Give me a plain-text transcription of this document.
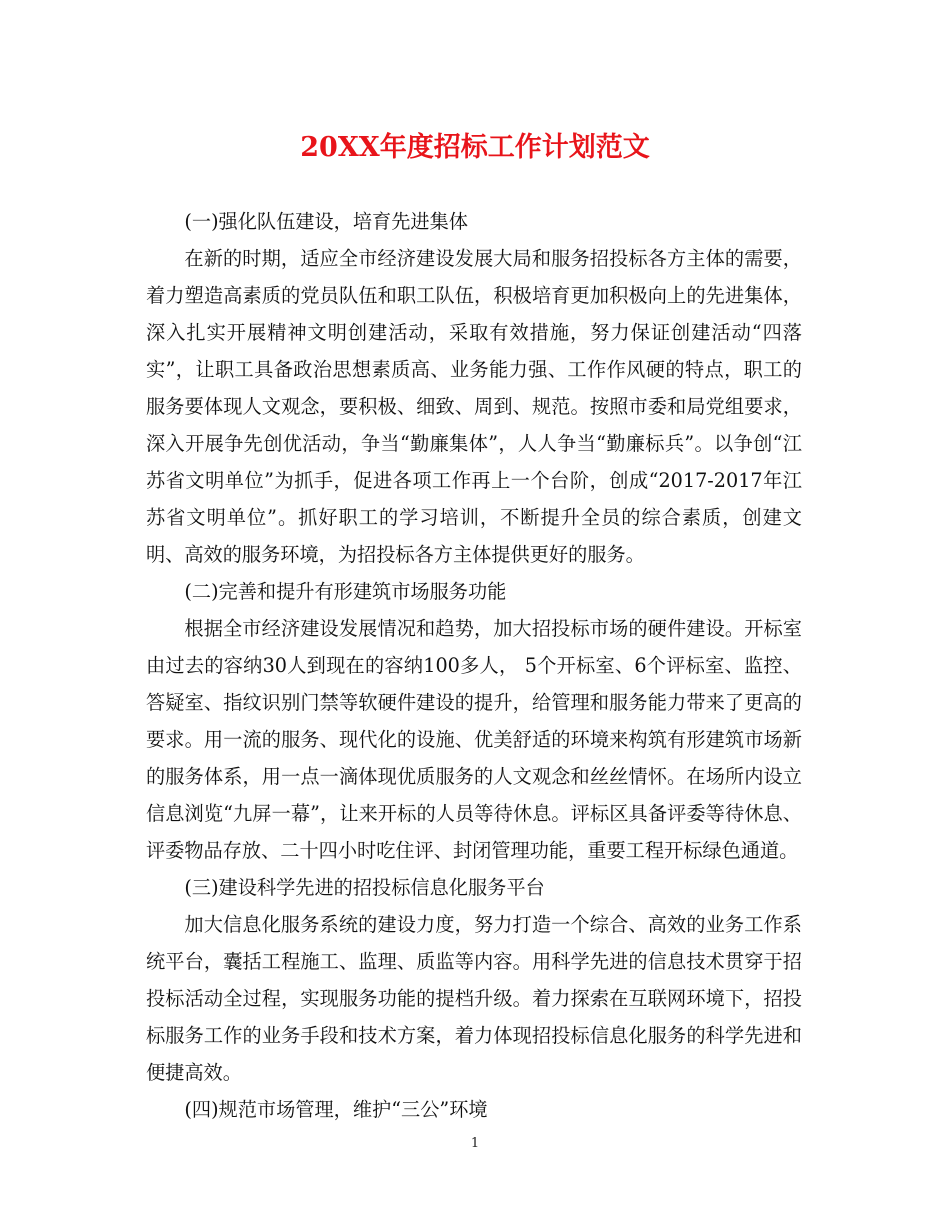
20XX年度招标工作计划范文

(一)强化队伍建设，培育先进集体

在新的时期，适应全市经济建设发展大局和服务招投标各方主体的需要，着力塑造高素质的党员队伍和职工队伍，积极培育更加积极向上的先进集体，深入扎实开展精神文明创建活动，采取有效措施，努力保证创建活动“四落实”，让职工具备政治思想素质高、业务能力强、工作作风硬的特点，职工的服务要体现人文观念，要积极、细致、周到、规范。按照市委和局党组要求，深入开展争先创优活动，争当“勤廉集体”，人人争当“勤廉标兵”。以争创“江苏省文明单位”为抓手，促进各项工作再上一个台阶，创成“2017-2017年江苏省文明单位”。抓好职工的学习培训，不断提升全员的综合素质，创建文明、高效的服务环境，为招投标各方主体提供更好的服务。

(二)完善和提升有形建筑市场服务功能

根据全市经济建设发展情况和趋势，加大招投标市场的硬件建设。开标室由过去的容纳30人到现在的容纳100多人， 5个开标室、6个评标室、监控、答疑室、指纹识别门禁等软硬件建设的提升，给管理和服务能力带来了更高的要求。用一流的服务、现代化的设施、优美舒适的环境来构筑有形建筑市场新的服务体系，用一点一滴体现优质服务的人文观念和丝丝情怀。在场所内设立信息浏览“九屏一幕”，让来开标的人员等待休息。评标区具备评委等待休息、评委物品存放、二十四小时吃住评、封闭管理功能，重要工程开标绿色通道。

(三)建设科学先进的招投标信息化服务平台

加大信息化服务系统的建设力度，努力打造一个综合、高效的业务工作系统平台，囊括工程施工、监理、质监等内容。用科学先进的信息技术贯穿于招投标活动全过程，实现服务功能的提档升级。着力探索在互联网环境下，招投标服务工作的业务手段和技术方案，着力体现招投标信息化服务的科学先进和便捷高效。

(四)规范市场管理，维护“三公”环境

1
